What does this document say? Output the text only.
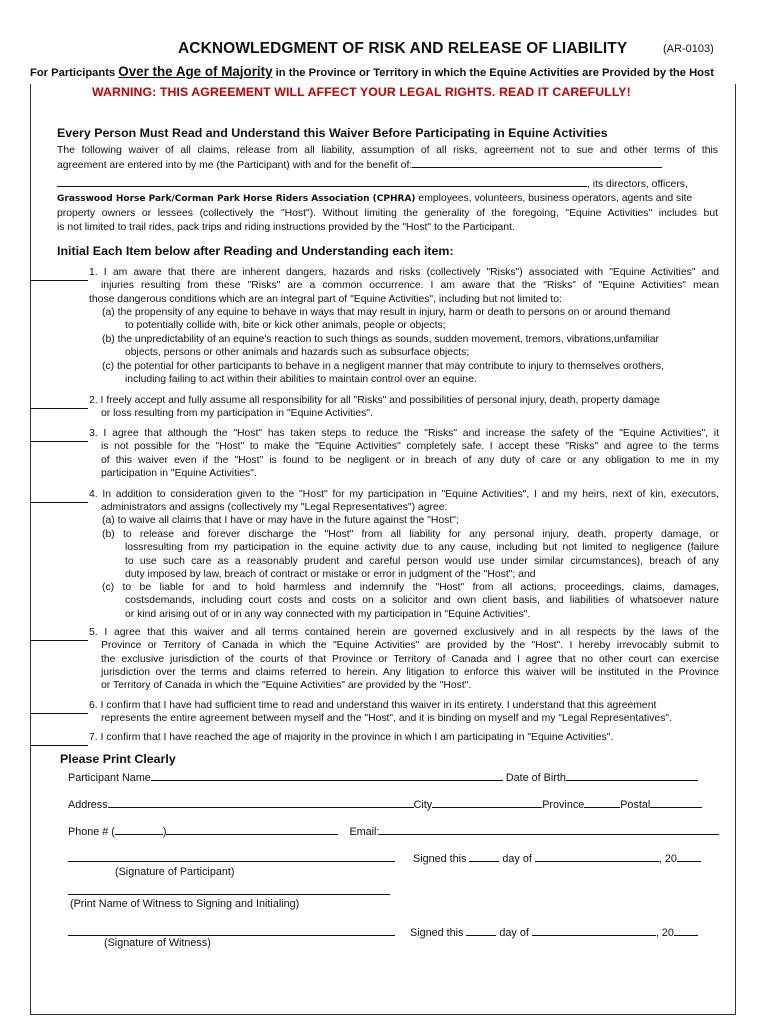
ACKNOWLEDGMENT OF RISK AND RELEASE OF LIABILITY	(AR-0103)
For Participants Over the Age of Majority in the Province or Territory in which the Equine Activities are Provided by the Host
WARNING: THIS AGREEMENT WILL AFFECT YOUR LEGAL RIGHTS. READ IT CAREFULLY!
Every Person Must Read and Understand this Waiver Before Participating in Equine Activities
The following waiver of all claims, release from all liability, assumption of all risks, agreement not to sue and other terms of this
agreement are entered into by me (the Participant) with and for the benefit of:
, its directors, officers,
Grasswood Horse Park/Corman Park Horse Riders Association (CPHRA) employees, volunteers, business operators, agents and site
property owners or lessees (collectively the "Host"). Without limiting the generality of the foregoing, "Equine Activities" includes but
is not limited to trail rides, pack trips and riding instructions provided by the "Host" to the Participant.
Initial Each Item below after Reading and Understanding each item:
1. I am aware that there are inherent dangers, hazards and risks (collectively "Risks") associated with "Equine Activities" and
injuries resulting from these "Risks" are a common occurrence. I am aware that the "Risks" of "Equine Activities" mean
those dangerous conditions which are an integral part of "Equine Activities", including but not limited to:
(a) the propensity of any equine to behave in ways that may result in injury, harm or death to persons on or around themand
to potentially collide with, bite or kick other animals, people or objects;
(b) the unpredictability of an equine's reaction to such things as sounds, sudden movement, tremors, vibrations,unfamiliar
objects, persons or other animals and hazards such as subsurface objects;
(c) the potential for other participants to behave in a negligent manner that may contribute to injury to themselves orothers,
including failing to act within their abilities to maintain control over an equine.
2. I freely accept and fully assume all responsibility for all "Risks" and possibilities of personal injury, death, property damage
or loss resulting from my participation in "Equine Activities".
3. I agree that although the "Host" has taken steps to reduce the "Risks" and increase the safety of the "Equine Activities", it
is not possible for the "Host" to make the "Equine Activities" completely safe. I accept these "Risks" and agree to the terms
of this waiver even if the "Host" is found to be negligent or in breach of any duty of care or any obligation to me in my
participation in "Equine Activities".
4. In addition to consideration given to the "Host" for my participation in "Equine Activities", I and my heirs, next of kin, executors,
administrators and assigns (collectively my "Legal Representatives") agree:
(a) to waive all claims that I have or may have in the future against the "Host";
(b) to release and forever discharge the "Host" from all liability for any personal injury, death, property damage, or
lossresulting from my participation in the equine activity due to any cause, including but not limited to negligence (failure
to use such care as a reasonably prudent and careful person would use under similar circumstances), breach of any
duty imposed by law, breach of contract or mistake or error in judgment of the "Host"; and
(c) to be liable for and to hold harmless and indemnify the "Host" from all actions, proceedings, claims, damages,
costsdemands, including court costs and costs on a solicitor and own client basis, and liabilities of whatsoever nature
or kind arising out of or in any way connected with my participation in "Equine Activities".
5. I agree that this waiver and all terms contained herein are governed exclusively and in all respects by the laws of the
Province or Territory of Canada in which the "Equine Activities" are provided by the "Host". I hereby irrevocably submit to
the exclusive jurisdiction of the courts of that Province or Territory of Canada and I agree that no other court can exercise
jurisdiction over the terms and claims referred to herein. Any litigation to enforce this waiver will be instituted in the Province
or Territory of Canada in which the "Equine Activities" are provided by the "Host".
6. I confirm that I have had sufficient time to read and understand this waiver in its entirety. I understand that this agreement
represents the entire agreement between myself and the "Host", and it is binding on myself and my "Legal Representatives".
7. I confirm that I have reached the age of majority in the province in which I am participating in "Equine Activities".
Please Print Clearly
Participant Name	Date of Birth
Address	City	Province	Postal
Phone # (	)	Email:
Signed this	day of	, 20
(Signature of Participant)
(Print Name of Witness to Signing and Initialing)
Signed this	day of	, 20
(Signature of Witness)
